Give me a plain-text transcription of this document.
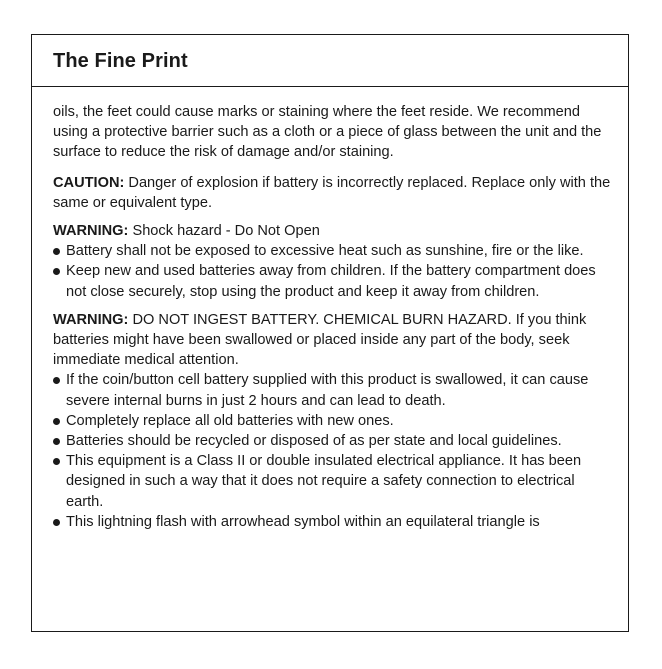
The Fine Print

oils, the feet could cause marks or staining where the feet reside. We recommend using a protective barrier such as a cloth or a piece of glass between the unit and the surface to reduce the risk of damage and/or staining.

CAUTION: Danger of explosion if battery is incorrectly replaced. Replace only with the same or equivalent type.

WARNING: Shock hazard - Do Not Open

Battery shall not be exposed to excessive heat such as sunshine, fire or the like.
Keep new and used batteries away from children. If the battery compartment does not close securely, stop using the product and keep it away from children.

WARNING: DO NOT INGEST BATTERY. CHEMICAL BURN HAZARD. If you think batteries might have been swallowed or placed inside any part of the body, seek immediate medical attention.

If the coin/button cell battery supplied with this product is swallowed, it can cause severe internal burns in just 2 hours and can lead to death.
Completely replace all old batteries with new ones.
Batteries should be recycled or disposed of as per state and local guidelines.
This equipment is a Class II or double insulated electrical appliance. It has been designed in such a way that it does not require a safety connection to electrical earth.
This lightning flash with arrowhead symbol within an equilateral triangle is
